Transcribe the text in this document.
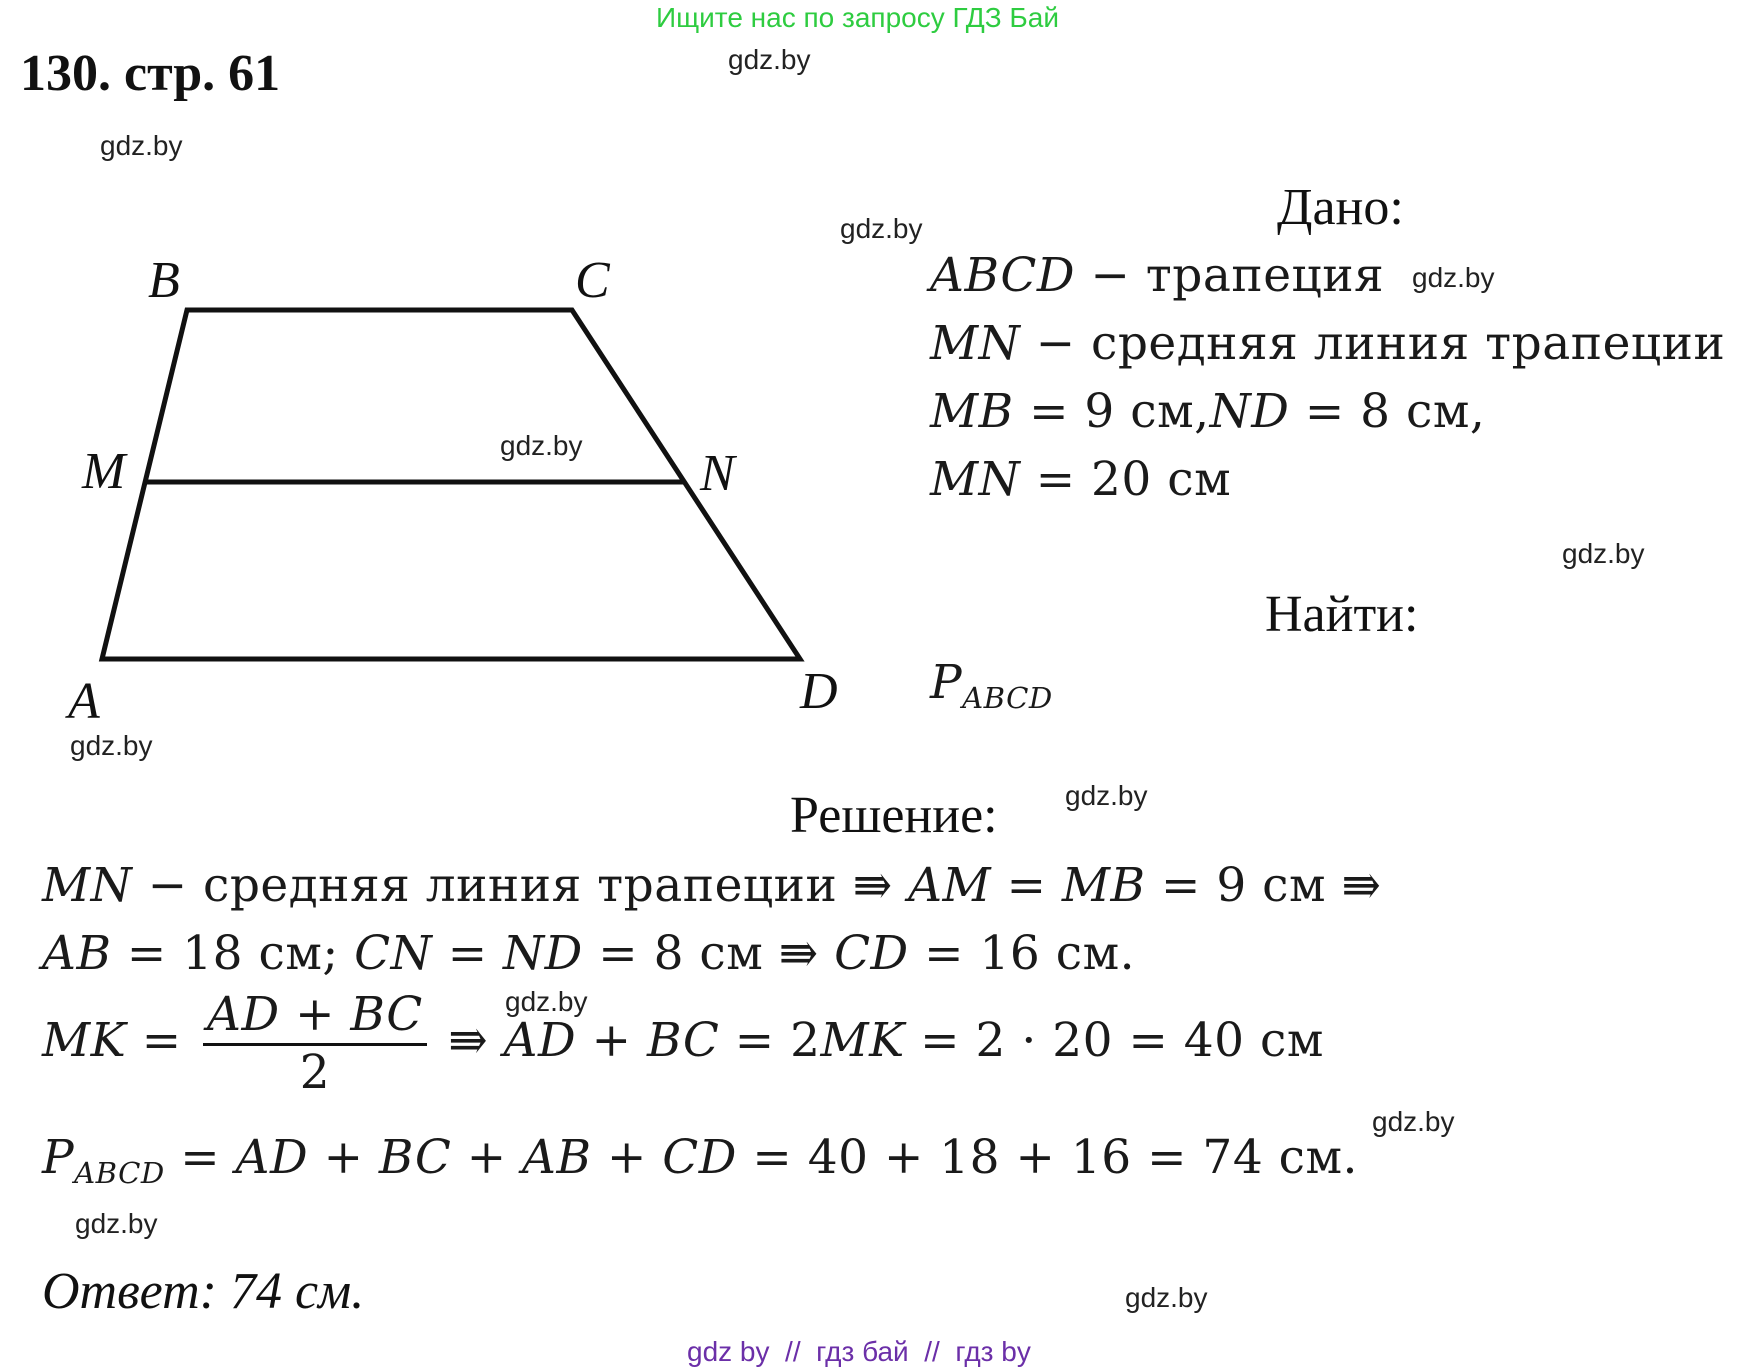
Ищите нас по запросу ГДЗ Бай
130. стр. 61	gdz.by
gdz.by
gdz.by
gdz.by
gdz.by
gdz.by
gdz.by
gdz.by
gdz.by
gdz.by
gdz.by
gdz.by
B	C
M	N
A	D
Дано:
ABCD − трапеция
MN − средняя линия трапеции
MB = 9 см,ND = 8 см,
MN = 20 см
Найти:
$P_{ABCD}$
Решение:
MN − средняя линия трапеции ⇛ AM = MB = 9 см ⇛
AB = 18 см; CN = ND = 8 см ⇛ CD = 16 см.
MK = $\frac{AD + BC}{2}$ ⇛ AD + BC = 2MK = 2 · 20 = 40 см
$P_{ABCD}$ = AD + BC + AB + CD = 40 + 18 + 16 = 74 см.
Ответ: 74 см.
gdz by  //  гдз бай  //  гдз by
